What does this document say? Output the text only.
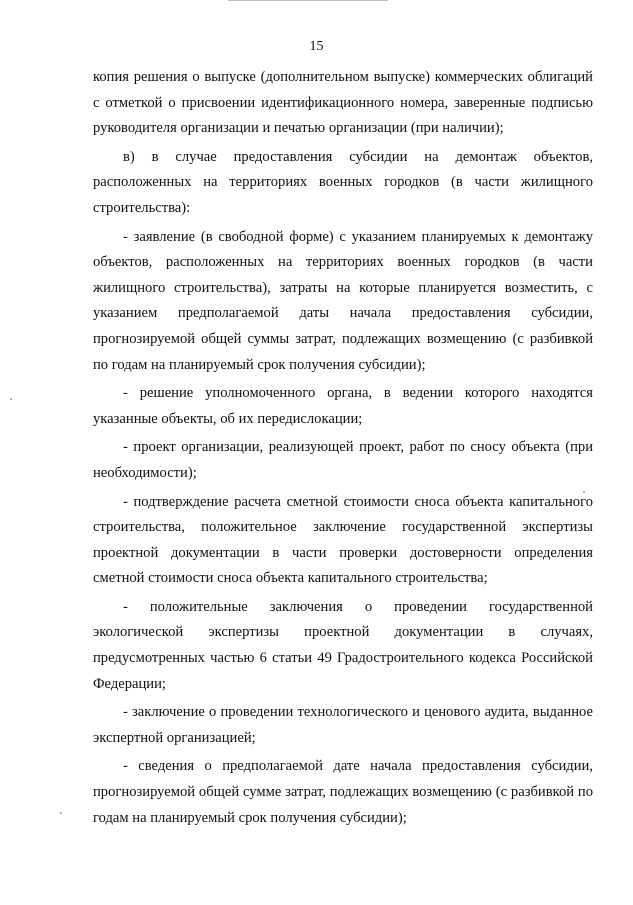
15

копия решения о выпуске (дополнительном выпуске) коммерческих облигаций с отметкой о присвоении идентификационного номера, заверенные подписью руководителя организации и печатью организации (при наличии);

в) в случае предоставления субсидии на демонтаж объектов, расположенных на территориях военных городков (в части жилищного строительства):

- заявление (в свободной форме) с указанием планируемых к демонтажу объектов, расположенных на территориях военных городков (в части жилищного строительства), затраты на которые планируется возместить, с указанием предполагаемой даты начала предоставления субсидии, прогнозируемой общей суммы затрат, подлежащих возмещению (с разбивкой по годам на планируемый срок получения субсидии);

- решение уполномоченного органа, в ведении которого находятся указанные объекты, об их передислокации;

- проект организации, реализующей проект, работ по сносу объекта (при необходимости);

- подтверждение расчета сметной стоимости сноса объекта капитального строительства, положительное заключение государственной экспертизы проектной документации в части проверки достоверности определения сметной стоимости сноса объекта капитального строительства;

- положительные заключения о проведении государственной экологической экспертизы проектной документации в случаях, предусмотренных частью 6 статьи 49 Градостроительного кодекса Российской Федерации;

- заключение о проведении технологического и ценового аудита, выданное экспертной организацией;

- сведения о предполагаемой дате начала предоставления субсидии, прогнозируемой общей сумме затрат, подлежащих возмещению (с разбивкой по годам на планируемый срок получения субсидии);
